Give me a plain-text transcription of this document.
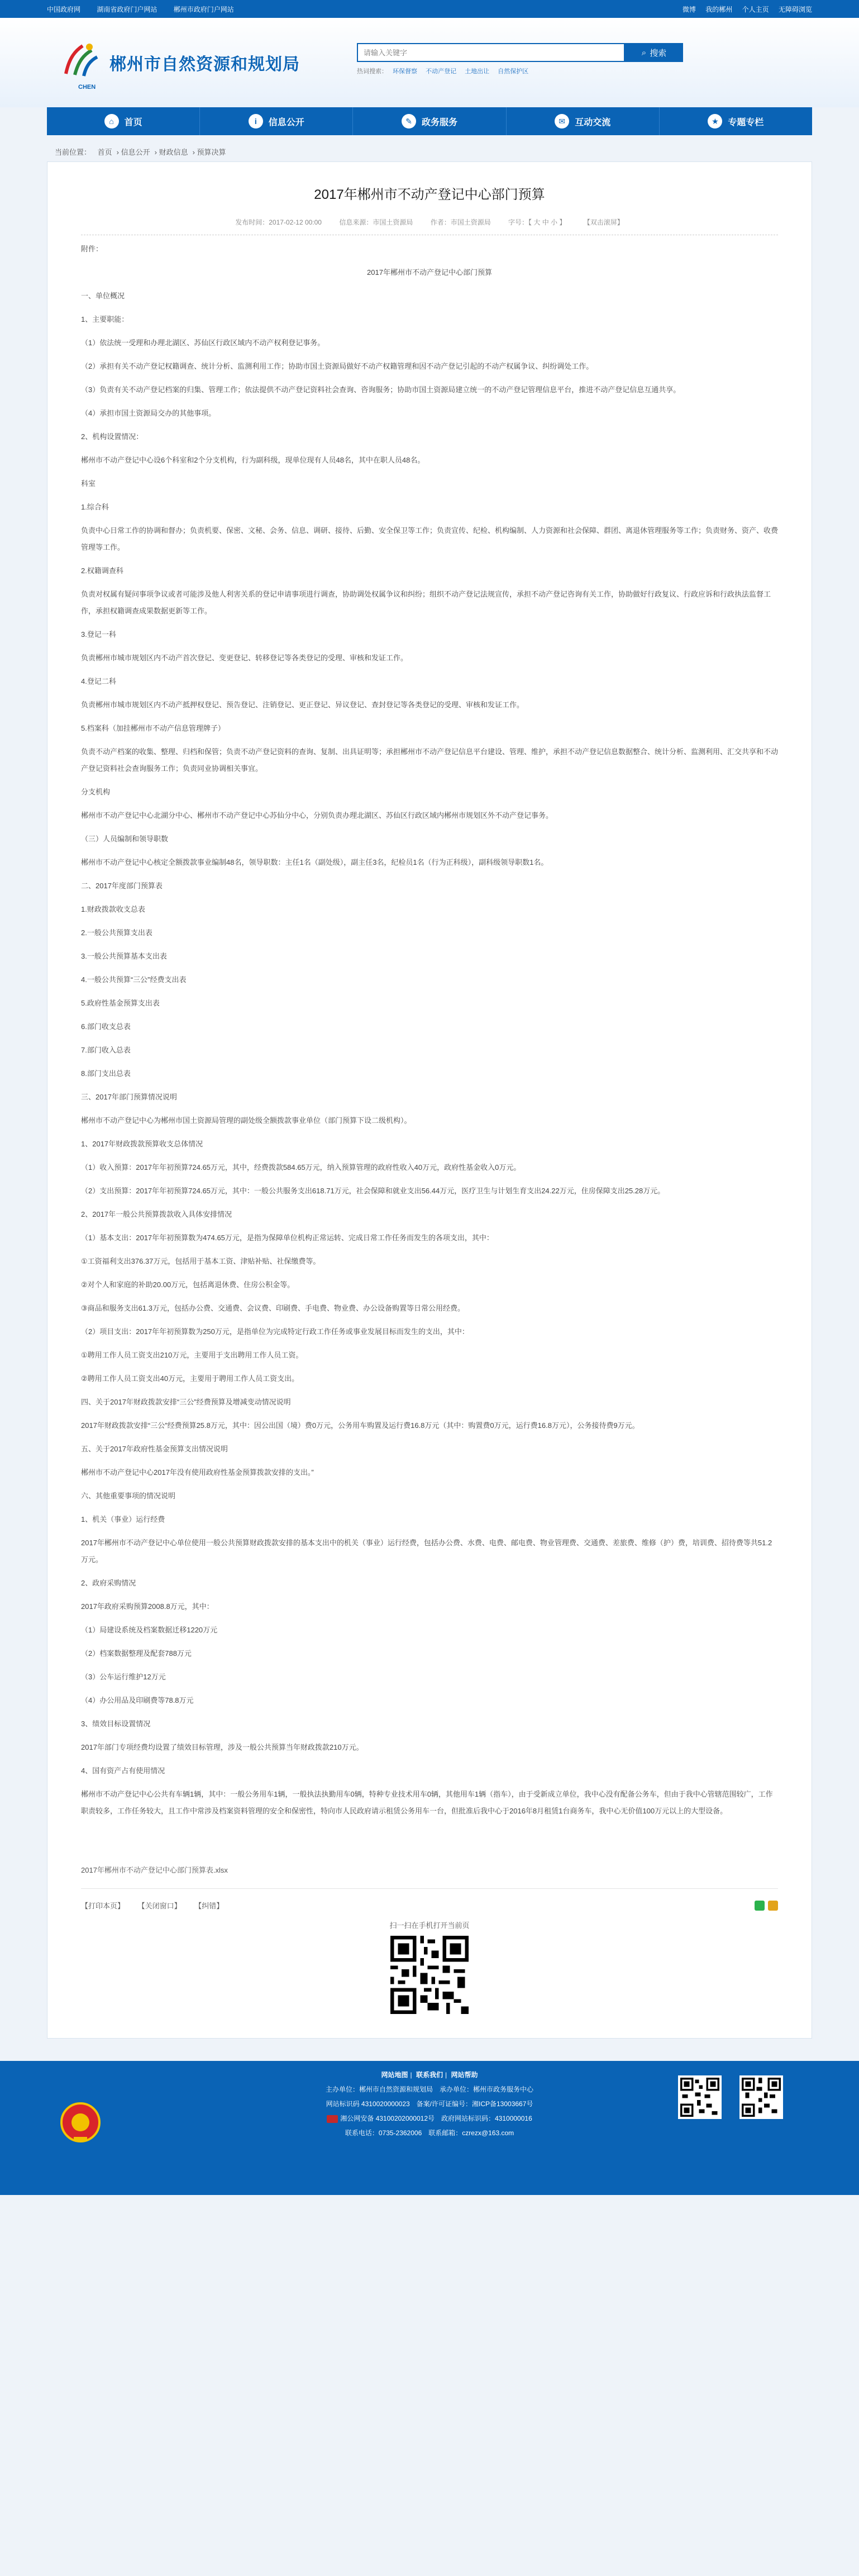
中国政府网 湖南省政府门户网站 郴州市政府门户网站	微博 我的郴州 个人主页 无障碍浏览
郴州市自然资源和规划局
CHEN
请输入关键字
⌕ 搜索
热词搜索： 环保督察 不动产登记 土地出让 自然保护区
⌂	首页	i	信息公开	✎	政务服务	✉	互动交流	★	专题专栏
当前位置： 首页 › 信息公开 › 财政信息 › 预算决算
2017年郴州市不动产登记中心部门预算
发布时间：2017-02-12 00:00	信息来源：市国土资源局	作者：市国土资源局	字号：【 大 中 小 】	【双击滚屏】

附件：

2017年郴州市不动产登记中心部门预算

一、单位概况

1、主要职能：

（1）依法统一受理和办理北湖区、苏仙区行政区域内不动产权利登记事务。

（2）承担有关不动产登记权籍调查、统计分析、监测利用工作；协助市国土资源局做好不动产权籍管理和因不动产登记引起的不动产权属争议、纠纷调处工作。

（3）负责有关不动产登记档案的归集、管理工作；依法提供不动产登记资料社会查询、咨询服务；协助市国土资源局建立统一的不动产登记管理信息平台，推进不动产登记信息互通共享。

（4）承担市国土资源局交办的其他事项。

2、机构设置情况：

郴州市不动产登记中心设6个科室和2个分支机构，行为副科级，现单位现有人员48名，其中在职人员48名。

科室

1.综合科

负责中心日常工作的协调和督办；负责机要、保密、文秘、会务、信息、调研、接待、后勤、安全保卫等工作；负责宣传、纪检、机构编制、人力资源和社会保障、群团、离退休管理服务等工作；负责财务、资产、收费管理等工作。

2.权籍调查科

负责对权属有疑问事项争议或者可能涉及他人利害关系的登记申请事项进行调查，协助调处权属争议和纠纷；组织不动产登记法规宣传，承担不动产登记咨询有关工作，协助做好行政复议、行政应诉和行政执法监督工作，承担权籍调查成果数据更新等工作。

3.登记一科

负责郴州市城市规划区内不动产首次登记、变更登记、转移登记等各类登记的受理、审核和发证工作。

4.登记二科

负责郴州市城市规划区内不动产抵押权登记、预告登记、注销登记、更正登记、异议登记、查封登记等各类登记的受理、审核和发证工作。

5.档案科（加挂郴州市不动产信息管理牌子）

负责不动产档案的收集、整理、归档和保管；负责不动产登记资料的查询、复制、出具证明等；承担郴州市不动产登记信息平台建设、管理、维护，承担不动产登记信息数据整合、统计分析、监测利用、汇交共享和不动产登记资料社会查询服务工作；负责同业协调相关事宜。

分支机构

郴州市不动产登记中心北湖分中心、郴州市不动产登记中心苏仙分中心，分别负责办理北湖区、苏仙区行政区域内郴州市规划区外不动产登记事务。

（三）人员编制和领导职数

郴州市不动产登记中心核定全额拨款事业编制48名，领导职数：主任1名（副处级），副主任3名，纪检员1名（行为正科级），副科级领导职数1名。

二、2017年度部门预算表

1.财政拨款收支总表

2.一般公共预算支出表

3.一般公共预算基本支出表

4.一般公共预算“三公”经费支出表

5.政府性基金预算支出表

6.部门收支总表

7.部门收入总表

8.部门支出总表

三、2017年部门预算情况说明

郴州市不动产登记中心为郴州市国土资源局管理的副处级全额拨款事业单位（部门预算下设二级机构）。

1、2017年财政拨款预算收支总体情况

（1）收入预算：2017年年初预算724.65万元，其中，经费拨款584.65万元，纳入预算管理的政府性收入40万元，政府性基金收入0万元。

（2）支出预算：2017年年初预算724.65万元，其中：一般公共服务支出618.71万元，社会保障和就业支出56.44万元，医疗卫生与计划生育支出24.22万元，住房保障支出25.28万元。

2、2017年一般公共预算拨款收入具体安排情况

（1）基本支出：2017年年初预算数为474.65万元，是指为保障单位机构正常运转、完成日常工作任务而发生的各项支出，其中：

①工资福利支出376.37万元，包括用于基本工资、津贴补贴、社保缴费等。

②对个人和家庭的补助20.00万元，包括离退休费、住房公积金等。

③商品和服务支出61.3万元，包括办公费、交通费、会议费、印刷费、手电费、物业费、办公设备购置等日常公用经费。

（2）项目支出：2017年年初预算数为250万元，是指单位为完成特定行政工作任务或事业发展目标而发生的支出，其中：

①聘用工作人员工资支出210万元，主要用于支出聘用工作人员工资。

②聘用工作人员工资支出40万元，主要用于聘用工作人员工资支出。

四、关于2017年财政拨款安排“三公”经费预算及增减变动情况说明

2017年财政拨款安排“三公”经费预算25.8万元，其中：因公出国（境）费0万元，公务用车购置及运行费16.8万元（其中：购置费0万元，运行费16.8万元），公务接待费9万元。

五、关于2017年政府性基金预算支出情况说明

郴州市不动产登记中心2017年没有使用政府性基金预算拨款安排的支出。”

六、其他重要事项的情况说明

1、机关（事业）运行经费

2017年郴州市不动产登记中心单位使用一般公共预算财政拨款安排的基本支出中的机关（事业）运行经费，包括办公费、水费、电费、邮电费、物业管理费、交通费、差旅费、维修（护）费，培训费、招待费等共51.2万元。

2、政府采购情况

2017年政府采购预算2008.8万元，其中：

（1）局建设系统及档案数据迁移1220万元

（2）档案数据整理及配套788万元

（3）公车运行维护12万元

（4）办公用品及印刷费等78.8万元

3、绩效目标设置情况

2017年部门专项经费均设置了绩效目标管理，涉及一般公共预算当年财政拨款210万元。

4、国有资产占有使用情况

郴州市不动产登记中心公共有车辆1辆，其中：一般公务用车1辆，一般执法执勤用车0辆，特种专业技术用车0辆，其他用车1辆（指车），由于受新成立单位，我中心没有配备公务车，但由于我中心管辖范围较广，工作职责较多，工作任务较大，且工作中常涉及档案资料管理的安全和保密性，特向市人民政府请示租赁公务用车一台，但批准后我中心于2016年8月租赁1台商务车，我中心无价值100万元以上的大型设备。

2017年郴州市不动产登记中心部门预算表.xlsx
【打印本页】 【关闭窗口】 【纠错】
扫一扫在手机打开当前页
网站地图 | 联系我们 | 网站帮助
主办单位：郴州市自然资源和规划局　承办单位：郴州市政务服务中心
网站标识码 4310020000023　备案/许可证编号：湘ICP备13003667号
湘公网安备 43100202000012号　政府网站标识码：4310000016
联系电话：0735-2362006　联系邮箱：czrezx@163.com
